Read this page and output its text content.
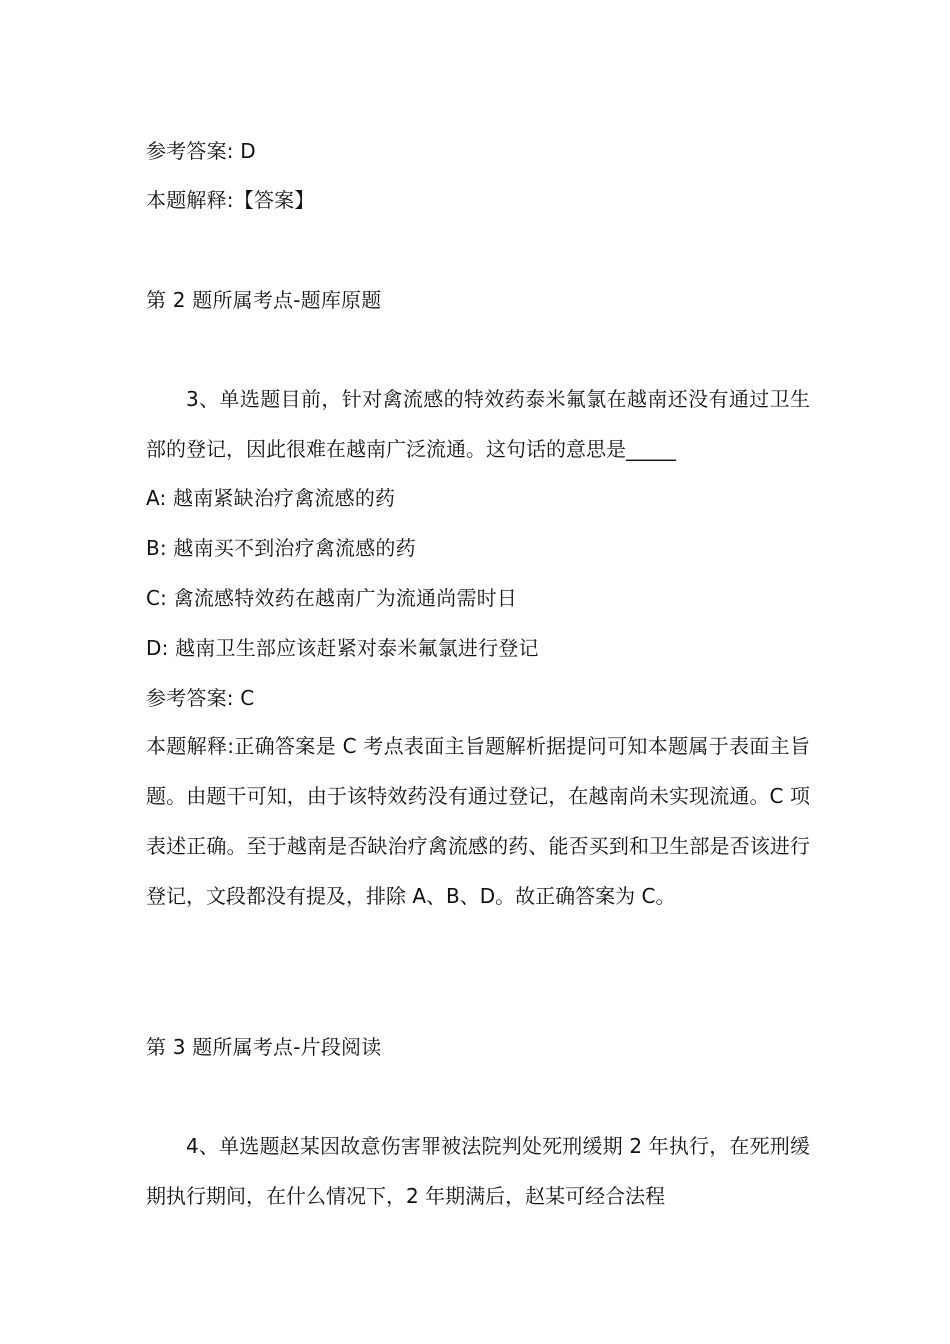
参考答案: D
本题解释:【答案】
第 2 题所属考点-题库原题

3、单选题目前，针对禽流感的特效药泰米氟氯在越南还没有通过卫生部的登记，因此很难在越南广泛流通。这句话的意思是_____

A: 越南紧缺治疗禽流感的药
B: 越南买不到治疗禽流感的药
C: 禽流感特效药在越南广为流通尚需时日
D: 越南卫生部应该赶紧对泰米氟氯进行登记
参考答案: C

本题解释:正确答案是 C 考点表面主旨题解析据提问可知本题属于表面主旨题。由题干可知，由于该特效药没有通过登记，在越南尚未实现流通。C 项表述正确。至于越南是否缺治疗禽流感的药、能否买到和卫生部是否该进行登记，文段都没有提及，排除 A、B、D。故正确答案为 C。

第 3 题所属考点-片段阅读

4、单选题赵某因故意伤害罪被法院判处死刑缓期 2 年执行，在死刑缓期执行期间，在什么情况下，2 年期满后，赵某可经合法程
